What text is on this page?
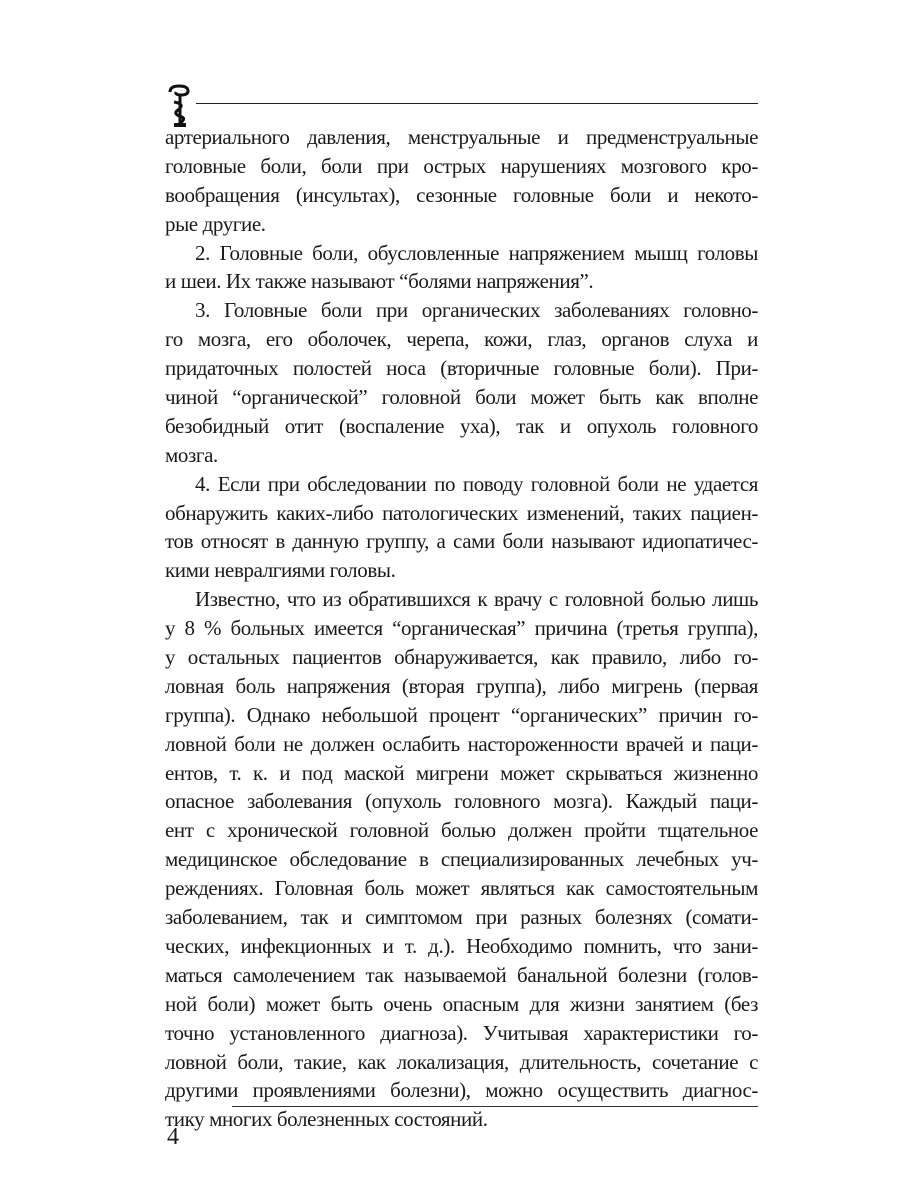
артериального давления, менструальные и предменструальные
головные боли, боли при острых нарушениях мозгового кро-
вообращения (инсультах), сезонные головные боли и некото-
рые другие.
2. Головные боли, обусловленные напряжением мышц головы
и шеи. Их также называют “болями напряжения”.
3. Головные боли при органических заболеваниях головно-
го мозга, его оболочек, черепа, кожи, глаз, органов слуха и
придаточных полостей носа (вторичные головные боли). При-
чиной “органической” головной боли может быть как вполне
безобидный отит (воспаление уха), так и опухоль головного
мозга.
4. Если при обследовании по поводу головной боли не удается
обнаружить каких-либо патологических изменений, таких пациен-
тов относят в данную группу, а сами боли называют идиопатичес-
кими невралгиями головы.
Известно, что из обратившихся к врачу с головной болью лишь
у 8 % больных имеется “органическая” причина (третья группа),
у остальных пациентов обнаруживается, как правило, либо го-
ловная боль напряжения (вторая группа), либо мигрень (первая
группа). Однако небольшой процент “органических” причин го-
ловной боли не должен ослабить настороженности врачей и паци-
ентов, т. к. и под маской мигрени может скрываться жизненно
опасное заболевания (опухоль головного мозга). Каждый паци-
ент с хронической головной болью должен пройти тщательное
медицинское обследование в специализированных лечебных уч-
реждениях. Головная боль может являться как самостоятельным
заболеванием, так и симптомом при разных болезнях (сомати-
ческих, инфекционных и т. д.). Необходимо помнить, что зани-
маться самолечением так называемой банальной болезни (голов-
ной боли) может быть очень опасным для жизни занятием (без
точно установленного диагноза). Учитывая характеристики го-
ловной боли, такие, как локализация, длительность, сочетание с
другими проявлениями болезни), можно осуществить диагнос-
тику многих болезненных состояний.
4
